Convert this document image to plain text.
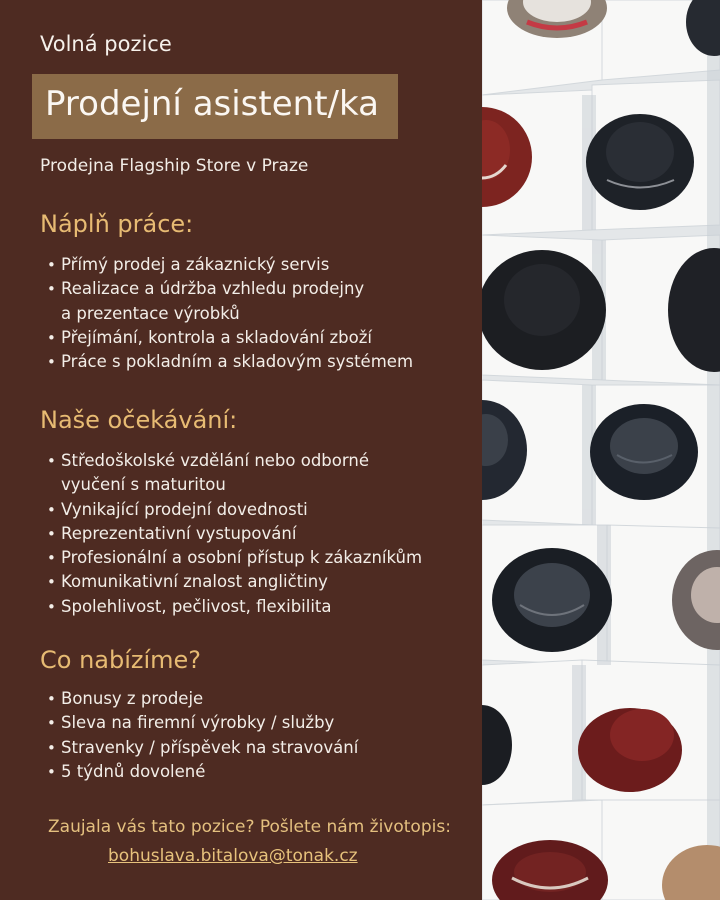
Volná pozice
Prodejní asistent/ka
Prodejna Flagship Store v Praze
Náplň práce:
• Přímý prodej a zákaznický servis
• Realizace a údržba vzhledu prodejny
a prezentace výrobků
• Přejímání, kontrola a skladování zboží
• Práce s pokladním a skladovým systémem
Naše očekávání:
• Středoškolské vzdělání nebo odborné
vyučení s maturitou
• Vynikající prodejní dovednosti
• Reprezentativní vystupování
• Profesionální a osobní přístup k zákazníkům
• Komunikativní znalost angličtiny
• Spolehlivost, pečlivost, flexibilita
Co nabízíme?
• Bonusy z prodeje
• Sleva na firemní výrobky / služby
• Stravenky / příspěvek na stravování
• 5 týdnů dovolené
Zaujala vás tato pozice? Pošlete nám životopis:
bohuslava.bitalova@tonak.cz
